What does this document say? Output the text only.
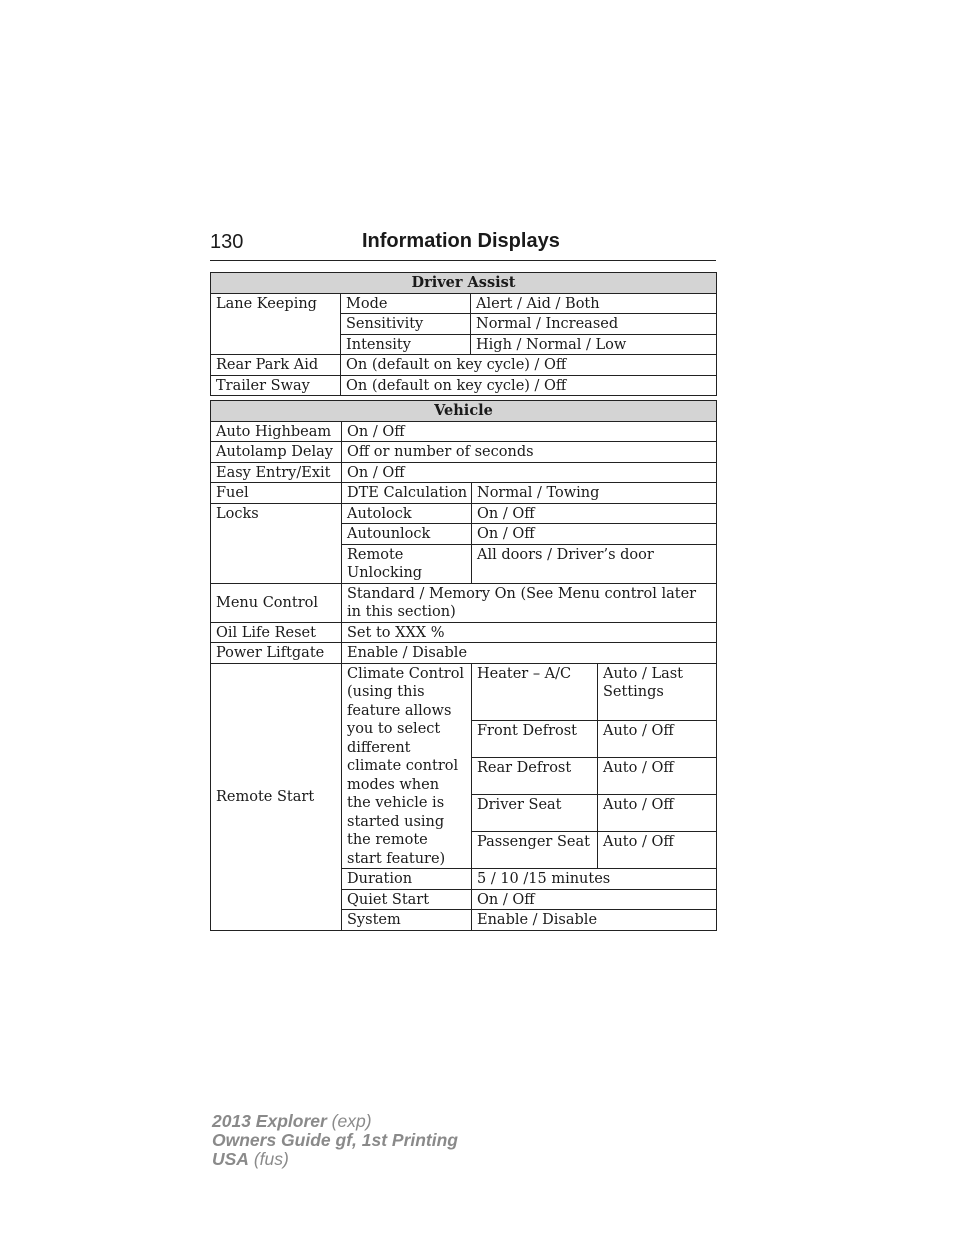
130	Information Displays
Driver Assist		
Lane Keeping	Mode	Alert / Aid / Both
	Sensitivity	Normal / Increased
	Intensity	High / Normal / Low
Rear Park Aid	On (default on key cycle) / Off	
Trailer Sway	On (default on key cycle) / Off	
Vehicle			
Auto Highbeam	On / Off		
Autolamp Delay	Off or number of seconds		
Easy Entry/Exit	On / Off		
Fuel	DTE Calculation	Normal / Towing	
Locks	Autolock	On / Off	
	Autounlock	On / Off	
	Remote Unlocking	All doors / Driver’s door	
Menu Control	Standard / Memory On (See Menu control later in this section)		
Oil Life Reset	Set to XXX %		
Power Liftgate	Enable / Disable		
Remote Start	Climate Control (using this feature allows you to select different climate control modes when the vehicle is started using the remote start feature)	Heater – A/C	Auto / Last Settings
		Front Defrost	Auto / Off
		Rear Defrost	Auto / Off
		Driver Seat	Auto / Off
		Passenger Seat	Auto / Off
	Duration	5 / 10 /15 minutes	
	Quiet Start	On / Off	
	System	Enable / Disable	
2013 Explorer (exp)
Owners Guide gf, 1st Printing
USA (fus)
